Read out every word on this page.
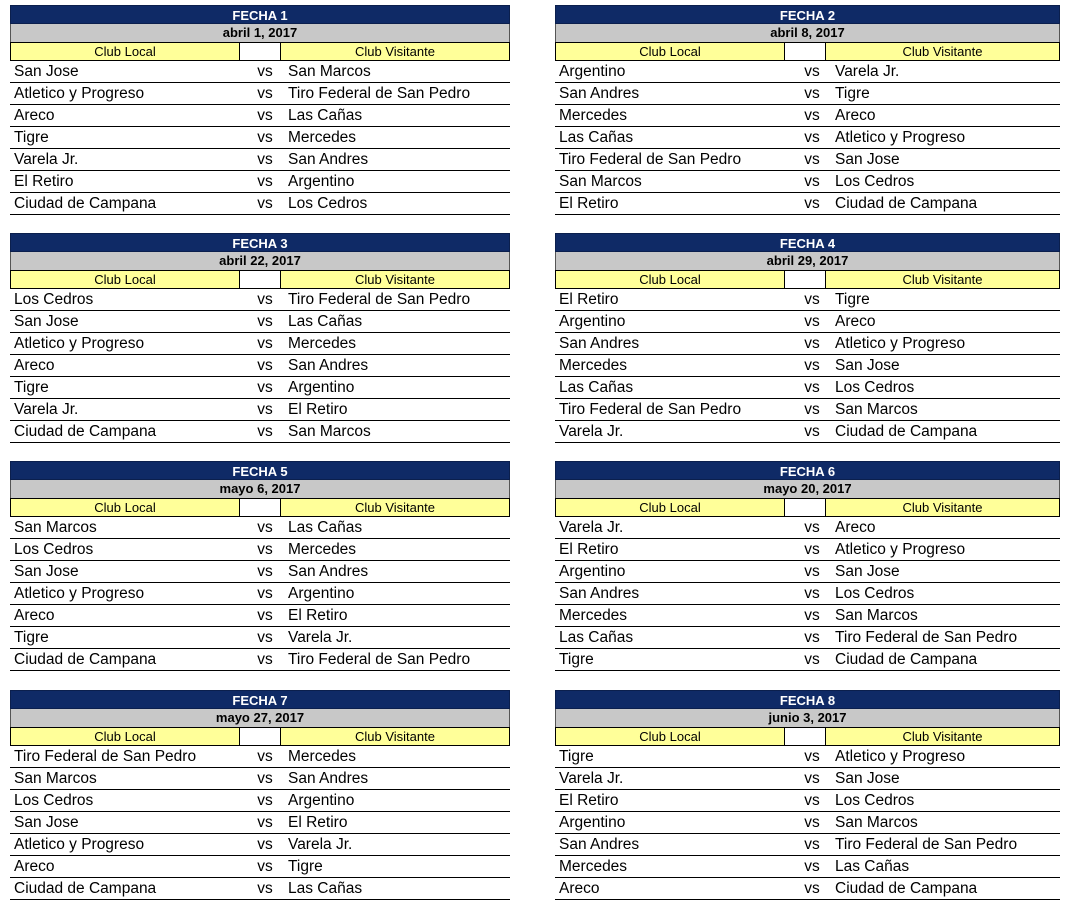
FECHA 1
abril 1, 2017
Club Local	Club Visitante
San Jose	vs San Marcos
Atletico y Progreso	vs Tiro Federal de San Pedro
Areco	vs Las Cañas
Tigre	vs Mercedes
Varela Jr.	vs San Andres
El Retiro	vs Argentino
Ciudad de Campana	vs Los Cedros
FECHA 2
abril 8, 2017
Club Local	Club Visitante
Argentino	vs Varela Jr.
San Andres	vs Tigre
Mercedes	vs Areco
Las Cañas	vs Atletico y Progreso
Tiro Federal de San Pedro	vs San Jose
San Marcos	vs Los Cedros
El Retiro	vs Ciudad de Campana
FECHA 3
abril 22, 2017
Club Local	Club Visitante
Los Cedros	vs Tiro Federal de San Pedro
San Jose	vs Las Cañas
Atletico y Progreso	vs Mercedes
Areco	vs San Andres
Tigre	vs Argentino
Varela Jr.	vs El Retiro
Ciudad de Campana	vs San Marcos
FECHA 4
abril 29, 2017
Club Local	Club Visitante
El Retiro	vs Tigre
Argentino	vs Areco
San Andres	vs Atletico y Progreso
Mercedes	vs San Jose
Las Cañas	vs Los Cedros
Tiro Federal de San Pedro	vs San Marcos
Varela Jr.	vs Ciudad de Campana
FECHA 5
mayo 6, 2017
Club Local	Club Visitante
San Marcos	vs Las Cañas
Los Cedros	vs Mercedes
San Jose	vs San Andres
Atletico y Progreso	vs Argentino
Areco	vs El Retiro
Tigre	vs Varela Jr.
Ciudad de Campana	vs Tiro Federal de San Pedro
FECHA 6
mayo 20, 2017
Club Local	Club Visitante
Varela Jr.	vs Areco
El Retiro	vs Atletico y Progreso
Argentino	vs San Jose
San Andres	vs Los Cedros
Mercedes	vs San Marcos
Las Cañas	vs Tiro Federal de San Pedro
Tigre	vs Ciudad de Campana
FECHA 7
mayo 27, 2017
Club Local	Club Visitante
Tiro Federal de San Pedro	vs Mercedes
San Marcos	vs San Andres
Los Cedros	vs Argentino
San Jose	vs El Retiro
Atletico y Progreso	vs Varela Jr.
Areco	vs Tigre
Ciudad de Campana	vs Las Cañas
FECHA 8
junio 3, 2017
Club Local	Club Visitante
Tigre	vs Atletico y Progreso
Varela Jr.	vs San Jose
El Retiro	vs Los Cedros
Argentino	vs San Marcos
San Andres	vs Tiro Federal de San Pedro
Mercedes	vs Las Cañas
Areco	vs Ciudad de Campana
